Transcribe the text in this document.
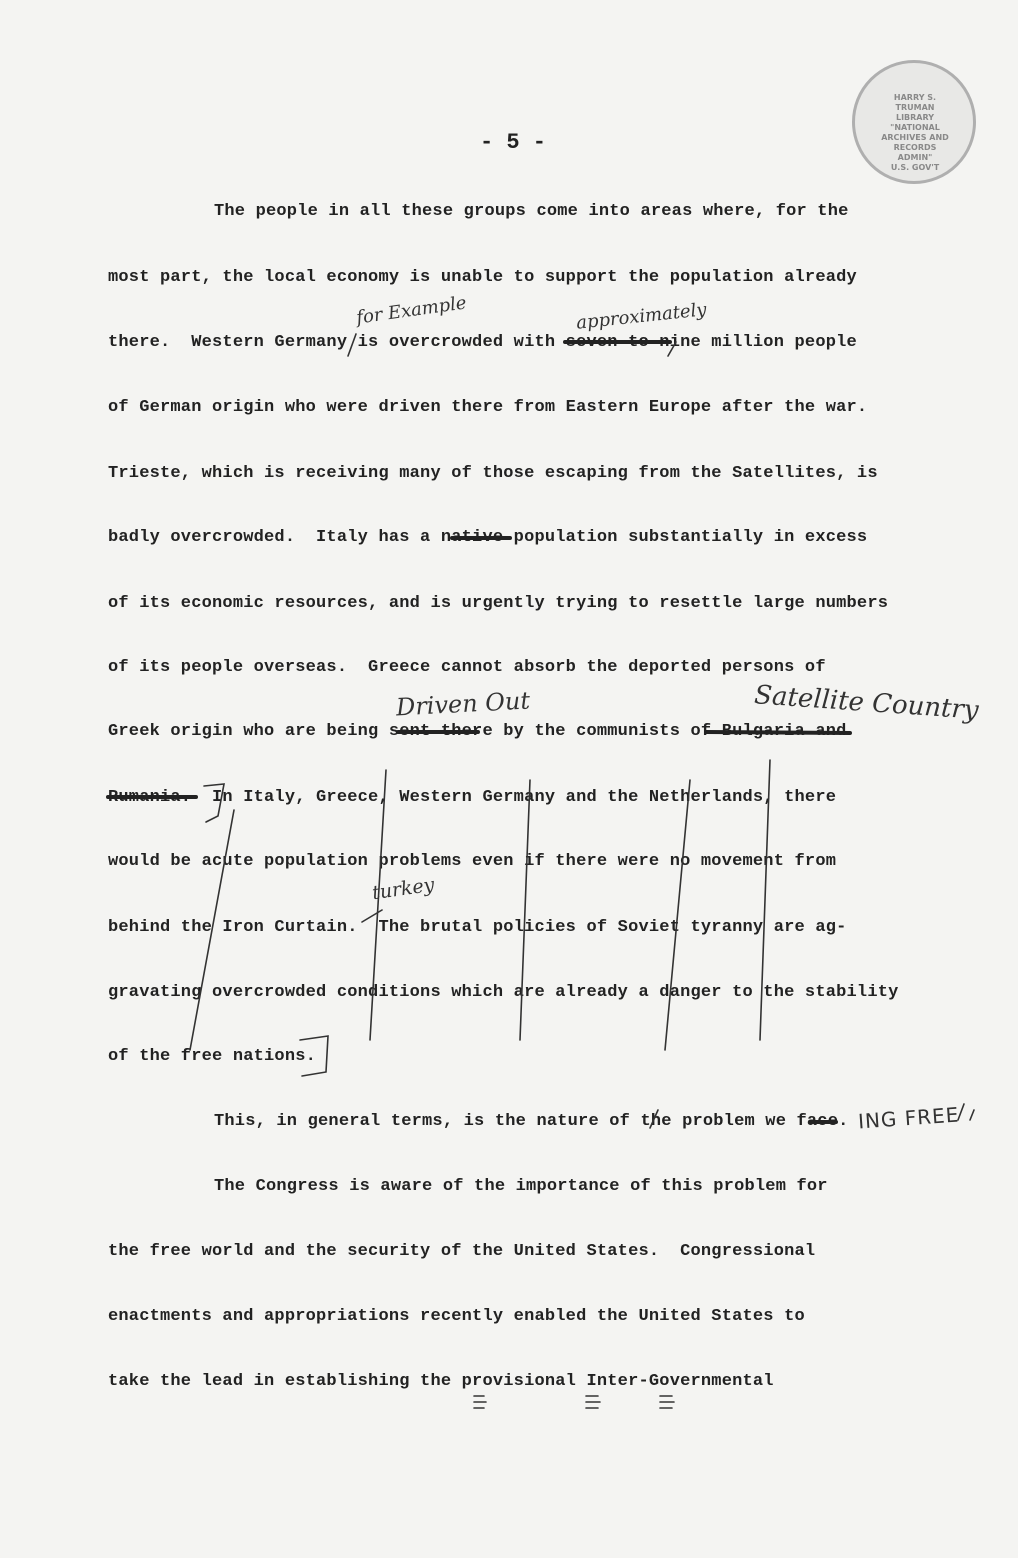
HARRY S. TRUMAN
LIBRARY
"NATIONAL
ARCHIVES AND
RECORDS
ADMIN"
U.S. GOV'T
- 5 -
The people in all these groups come into areas where, for the
most part, the local economy is unable to support the population already
there.  Western Germany is overcrowded with seven to nine million people
of German origin who were driven there from Eastern Europe after the war.
Trieste, which is receiving many of those escaping from the Satellites, is
badly overcrowded.  Italy has a native population substantially in excess
of its economic resources, and is urgently trying to resettle large numbers
of its people overseas.  Greece cannot absorb the deported persons of
Greek origin who are being sent there by the communists of Bulgaria and
Rumania.  In Italy, Greece, Western Germany and the Netherlands, there
would be acute population problems even if there were no movement from
behind the Iron Curtain.  The brutal policies of Soviet tyranny are ag-
gravating overcrowded conditions which are already a danger to the stability
of the free nations.
This, in general terms, is the nature of the problem we face.
The Congress is aware of the importance of this problem for
the free world and the security of the United States.  Congressional
enactments and appropriations recently enabled the United States to
take the lead in establishing the provisional Inter-Governmental
for Example	approximately
Driven Out	Satellite Country
turkey
ING FREE
